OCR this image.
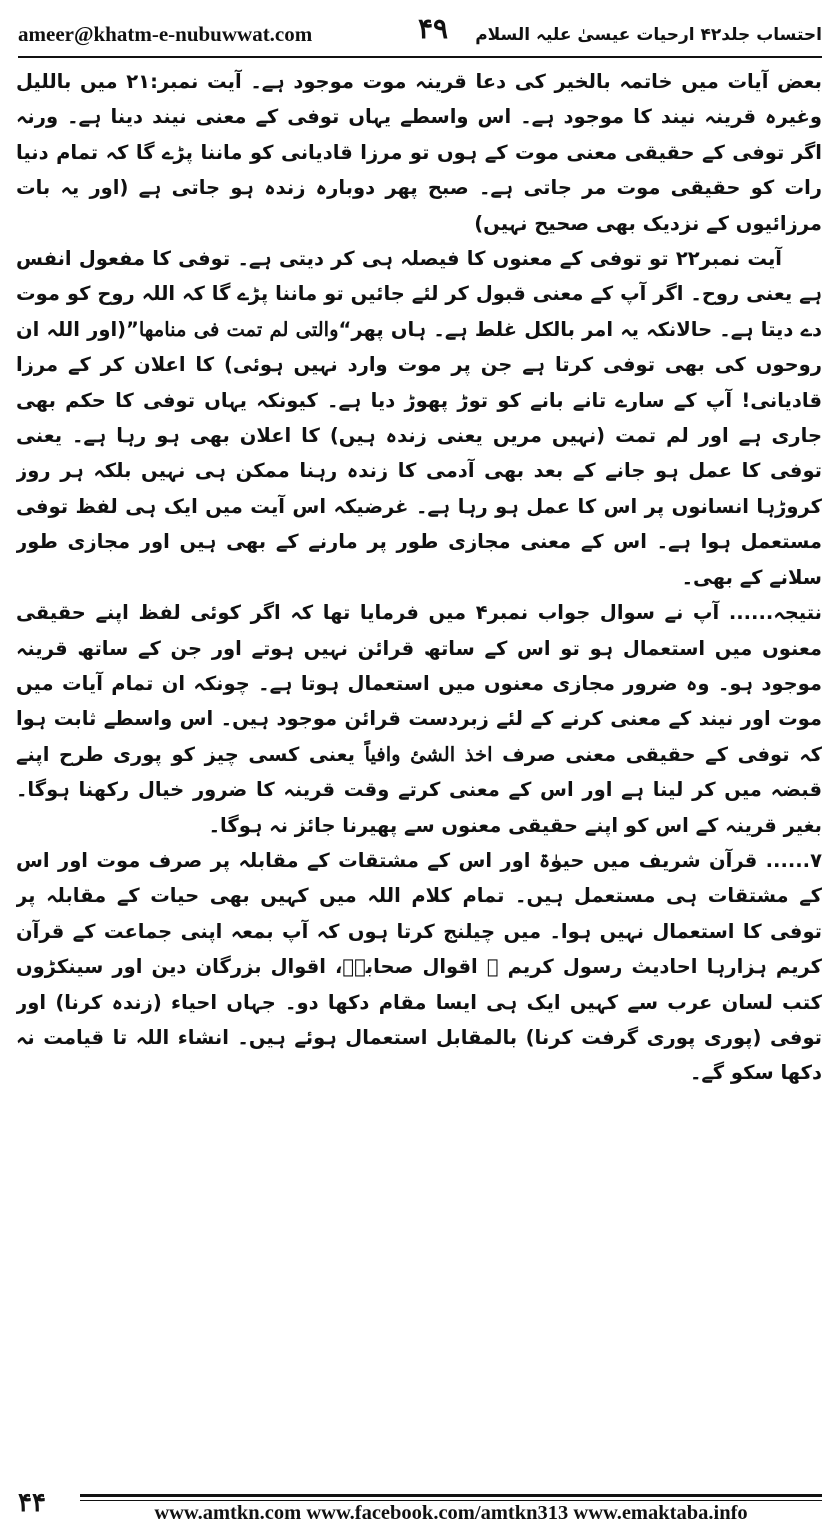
ameer@khatm-e-nubuwwat.com	۴۹ احتساب جلد۴۲ ارحیات عیسیٰ علیہ السلام

بعض آیات میں خاتمہ بالخیر کی دعا قرینہ موت موجود ہے۔ آیت نمبر:۲۱ میں باللیل وغیرہ قرینہ نیند کا موجود ہے۔ اس واسطے یہاں توفی کے معنی نیند دینا ہے۔ ورنہ اگر توفی کے حقیقی معنی موت کے ہوں تو مرزا قادیانی کو ماننا پڑے گا کہ تمام دنیا رات کو حقیقی موت مر جاتی ہے۔ صبح پھر دوبارہ زندہ ہو جاتی ہے (اور یہ بات مرزائیوں کے نزدیک بھی صحیح نہیں)

آیت نمبر۲۲ تو توفی کے معنوں کا فیصلہ ہی کر دیتی ہے۔ توفی کا مفعول انفس ہے یعنی روح۔ اگر آپ کے معنی قبول کر لئے جائیں تو ماننا پڑے گا کہ اللہ روح کو موت دے دیتا ہے۔ حالانکہ یہ امر بالکل غلط ہے۔ ہاں پھر“والتی لم تمت فی منامها”(اور اللہ ان روحوں کی بھی توفی کرتا ہے جن پر موت وارد نہیں ہوئی) کا اعلان کر کے مرزا قادیانی! آپ کے سارے تانے بانے کو توڑ پھوڑ دیا ہے۔ کیونکہ یہاں توفی کا حکم بھی جاری ہے اور لم تمت (نہیں مریں یعنی زندہ ہیں) کا اعلان بھی ہو رہا ہے۔ یعنی توفی کا عمل ہو جانے کے بعد بھی آدمی کا زندہ رہنا ممکن ہی نہیں بلکہ ہر روز کروڑہا انسانوں پر اس کا عمل ہو رہا ہے۔ غرضیکہ اس آیت میں ایک ہی لفظ توفی مستعمل ہوا ہے۔ اس کے معنی مجازی طور پر مارنے کے بھی ہیں اور مجازی طور سلانے کے بھی۔

نتیجہ...... آپ نے سوال جواب نمبر۴ میں فرمایا تھا کہ اگر کوئی لفظ اپنے حقیقی معنوں میں استعمال ہو تو اس کے ساتھ قرائن نہیں ہوتے اور جن کے ساتھ قرینہ موجود ہو۔ وہ ضرور مجازی معنوں میں استعمال ہوتا ہے۔ چونکہ ان تمام آیات میں موت اور نیند کے معنی کرنے کے لئے زبردست قرائن موجود ہیں۔ اس واسطے ثابت ہوا کہ توفی کے حقیقی معنی صرف اخذ الشئ وافیاً یعنی کسی چیز کو پوری طرح اپنے قبضہ میں کر لینا ہے اور اس کے معنی کرتے وقت قرینہ کا ضرور خیال رکھنا ہوگا۔ بغیر قرینہ کے اس کو اپنے حقیقی معنوں سے پھیرنا جائز نہ ہوگا۔

۷...... قرآن شریف میں حیوٰۃ اور اس کے مشتقات کے مقابلہ پر صرف موت اور اس کے مشتقات ہی مستعمل ہیں۔ تمام کلام اللہ میں کہیں بھی حیات کے مقابلہ پر توفی کا استعمال نہیں ہوا۔ میں چیلنج کرتا ہوں کہ آپ بمعہ اپنی جماعت کے قرآن کریم ہزارہا احادیث رسول کریم ﷺ اقوال صحابہؓ، اقوال بزرگان دین اور سینکڑوں کتب لسان عرب سے کہیں ایک ہی ایسا مقام دکھا دو۔ جہاں احیاء (زندہ کرنا) اور توفی (پوری پوری گرفت کرنا) بالمقابل استعمال ہوئے ہیں۔ انشاء اللہ تا قیامت نہ دکھا سکو گے۔

۴۴	www.amtkn.com www.facebook.com/amtkn313 www.emaktaba.info
